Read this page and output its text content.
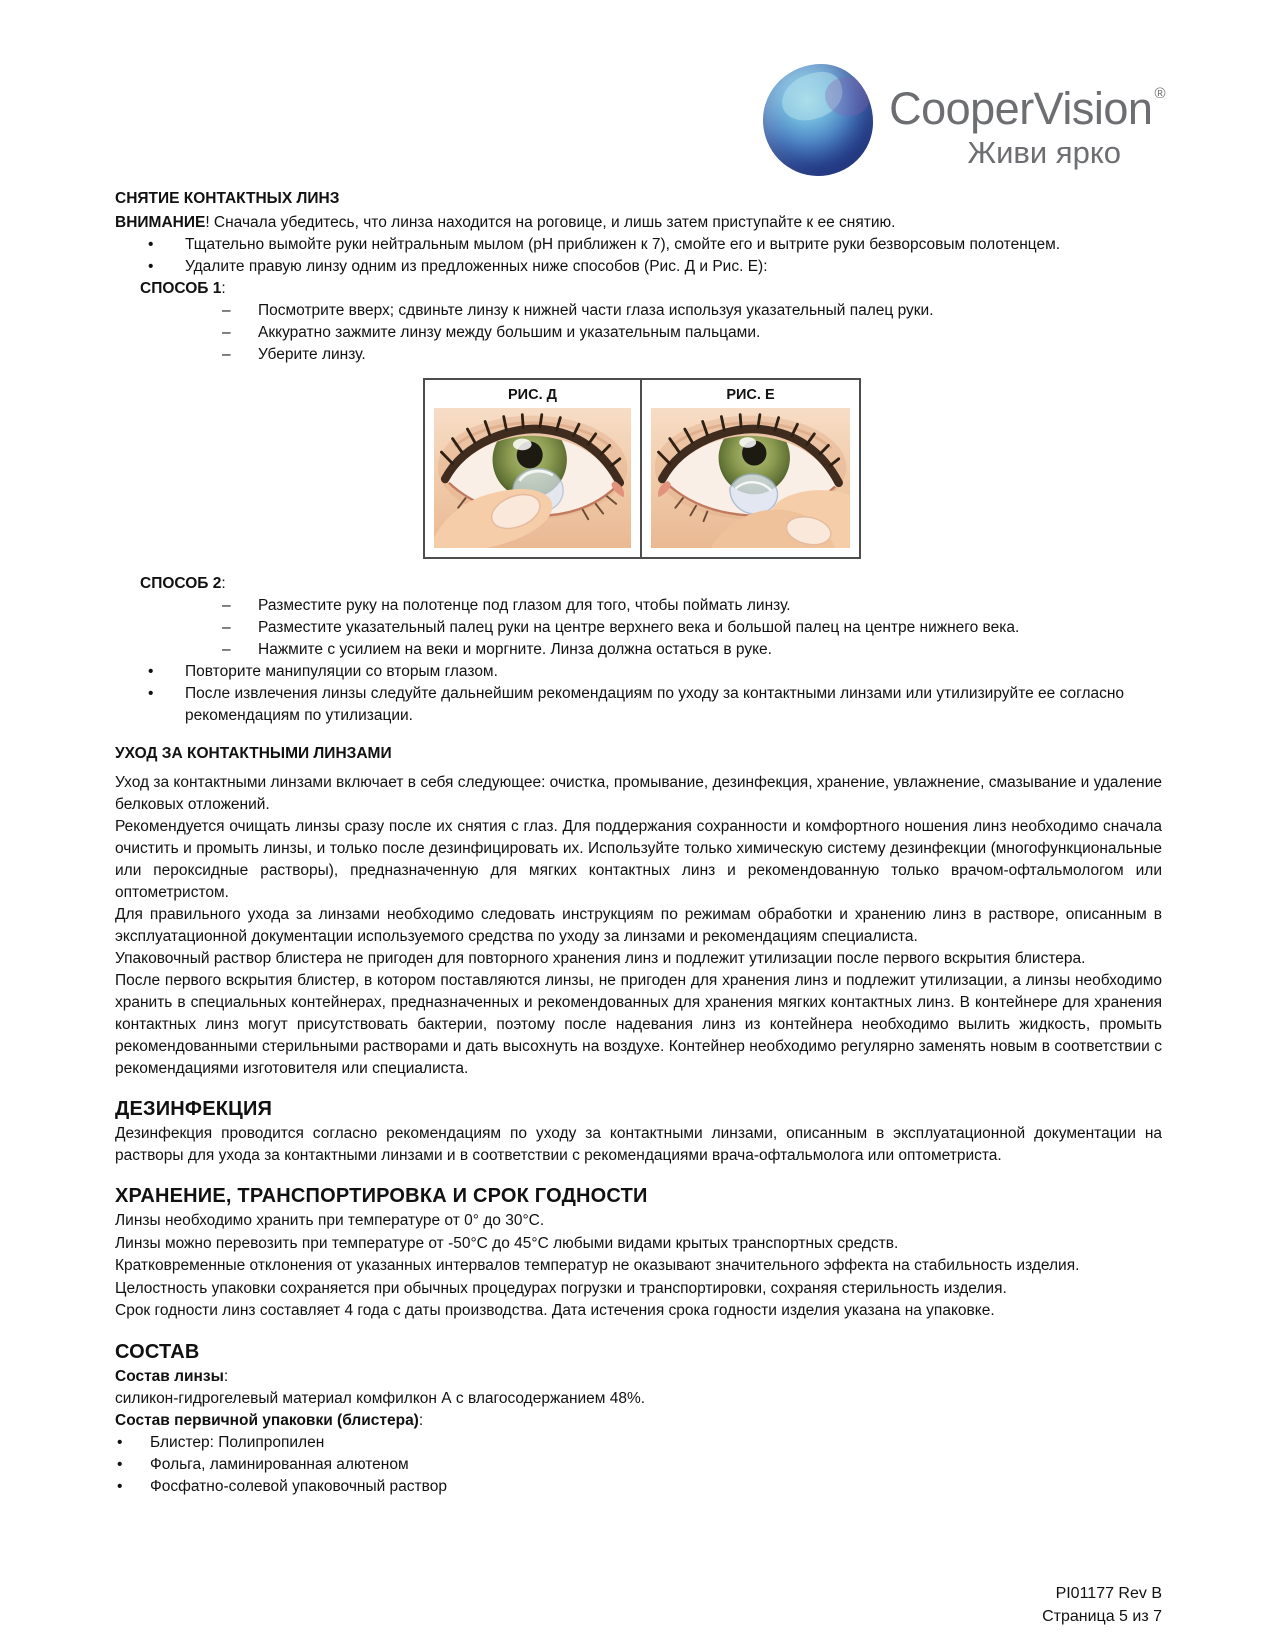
CooperVision ®
Живи ярко
СНЯТИЕ КОНТАКТНЫХ ЛИНЗ
ВНИМАНИЕ! Сначала убедитесь, что линза находится на роговице, и лишь затем приступайте к ее снятию.
•	Тщательно вымойте руки нейтральным мылом (pH приближен к 7), смойте его и вытрите руки безворсовым полотенцем.
•	Удалите правую линзу одним из предложенных ниже способов (Рис. Д и Рис. Е):
СПОСОБ 1:
–	Посмотрите вверх; сдвиньте линзу к нижней части глаза используя указательный палец руки.
–	Аккуратно зажмите линзу между большим и указательным пальцами.
–	Уберите линзу.
РИС. Д	РИС. Е
СПОСОБ 2:
–	Разместите руку на полотенце под глазом для того, чтобы поймать линзу.
–	Разместите указательный палец руки на центре верхнего века и большой палец на центре нижнего века.
–	Нажмите с усилием на веки и моргните. Линза должна остаться в руке.
•	Повторите манипуляции со вторым глазом.
•	После извлечения линзы следуйте дальнейшим рекомендациям по уходу за контактными линзами или утилизируйте ее согласно рекомендациям по утилизации.
УХОД ЗА КОНТАКТНЫМИ ЛИНЗАМИ

Уход за контактными линзами включает в себя следующее: очистка, промывание, дезинфекция, хранение, увлажнение, смазывание и удаление белковых отложений.

Рекомендуется очищать линзы сразу после их снятия с глаз. Для поддержания сохранности и комфортного ношения линз необходимо сначала очистить и промыть линзы, и только после дезинфицировать их. Используйте только химическую систему дезинфекции (многофункциональные или пероксидные растворы), предназначенную для мягких контактных линз и рекомендованную только врачом-офтальмологом или оптометристом.

Для правильного ухода за линзами необходимо следовать инструкциям по режимам обработки и хранению линз в растворе, описанным в эксплуатационной документации используемого средства по уходу за линзами и рекомендациям специалиста.

Упаковочный раствор блистера не пригоден для повторного хранения линз и подлежит утилизации после первого вскрытия блистера.

После первого вскрытия блистер, в котором поставляются линзы, не пригоден для хранения линз и подлежит утилизации, а линзы необходимо хранить в специальных контейнерах, предназначенных и рекомендованных для хранения мягких контактных линз. В контейнере для хранения контактных линз могут присутствовать бактерии, поэтому после надевания линз из контейнера необходимо вылить жидкость, промыть рекомендованными стерильными растворами и дать высохнуть на воздухе. Контейнер необходимо регулярно заменять новым в соответствии с рекомендациями изготовителя или специалиста.

ДЕЗИНФЕКЦИЯ

Дезинфекция проводится согласно рекомендациям по уходу за контактными линзами, описанным в эксплуатационной документации на растворы для ухода за контактными линзами и в соответствии с рекомендациями врача-офтальмолога или оптометриста.

ХРАНЕНИЕ, ТРАНСПОРТИРОВКА И СРОК ГОДНОСТИ
Линзы необходимо хранить при температуре от 0° до 30°С.
Линзы можно перевозить при температуре от -50°С до 45°С любыми видами крытых транспортных средств.
Кратковременные отклонения от указанных интервалов температур не оказывают значительного эффекта на стабильность изделия.
Целостность упаковки сохраняется при обычных процедурах погрузки и транспортировки, сохраняя стерильность изделия.
Срок годности линз составляет 4 года с даты производства. Дата истечения срока годности изделия указана на упаковке.
СОСТАВ
Состав линзы:
силикон-гидрогелевый материал комфилкон А с влагосодержанием 48%.
Состав первичной упаковки (блистера):
•	Блистер: Полипропилен
•	Фольга, ламинированная алютеном
•	Фосфатно-солевой упаковочный раствор
PI01177 Rev B
Страница 5 из 7
